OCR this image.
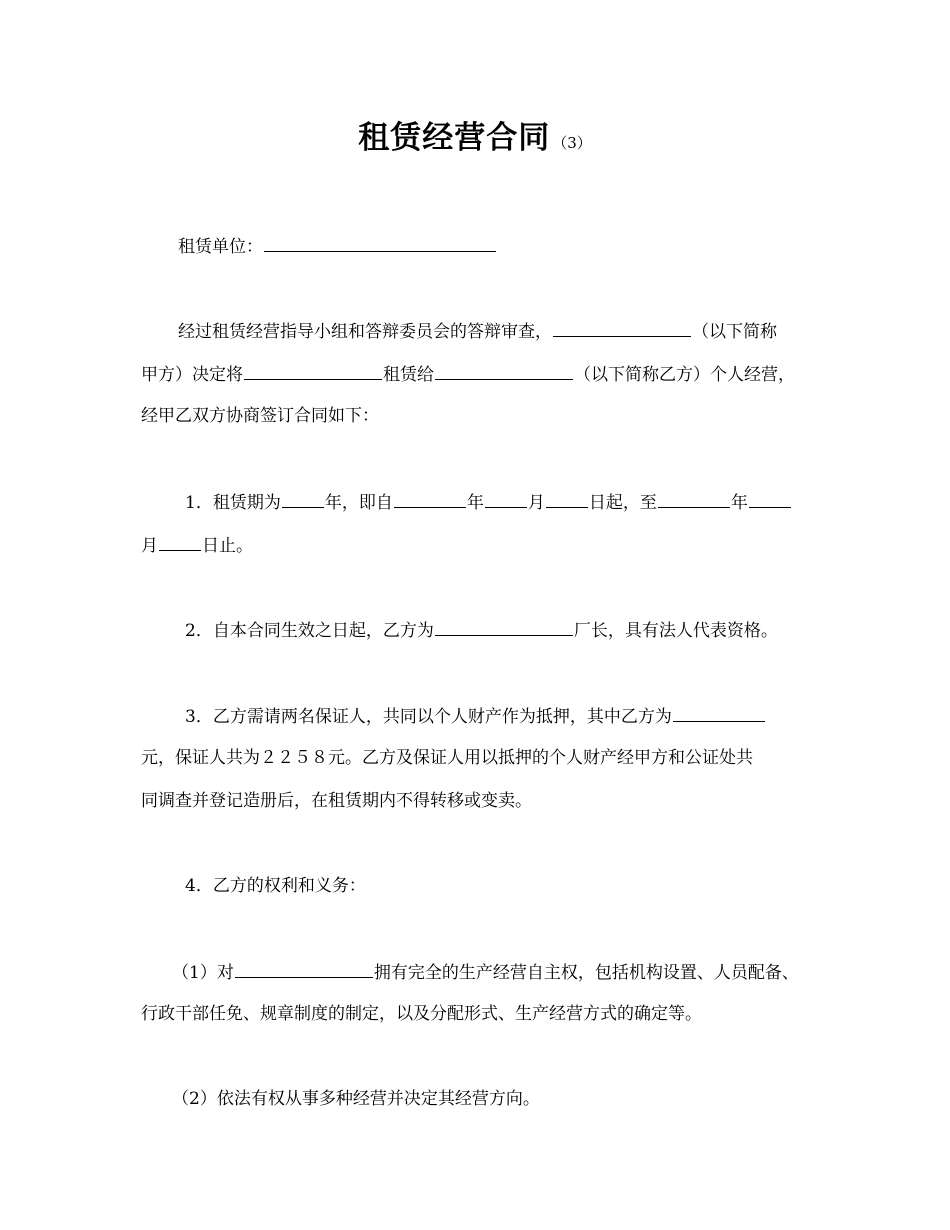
租赁经营合同 （3）
租赁单位：
经过租赁经营指导小组和答辩委员会的答辩审查，	（以下简称
甲方）决定将	租赁给	（以下简称乙方）个人经营，
经甲乙双方协商签订合同如下：
1．租赁期为	年，即自	年	月	日起，至	年
月	日止。
2．自本合同生效之日起，乙方为	厂长，具有法人代表资格。
3．乙方需请两名保证人，共同以个人财产作为抵押，其中乙方为
元，保证人共为２２５８元。乙方及保证人用以抵押的个人财产经甲方和公证处共
同调查并登记造册后，在租赁期内不得转移或变卖。
4．乙方的权利和义务：
（1）对	拥有完全的生产经营自主权，包括机构设置、人员配备、
行政干部任免、规章制度的制定，以及分配形式、生产经营方式的确定等。
（2）依法有权从事多种经营并决定其经营方向。
